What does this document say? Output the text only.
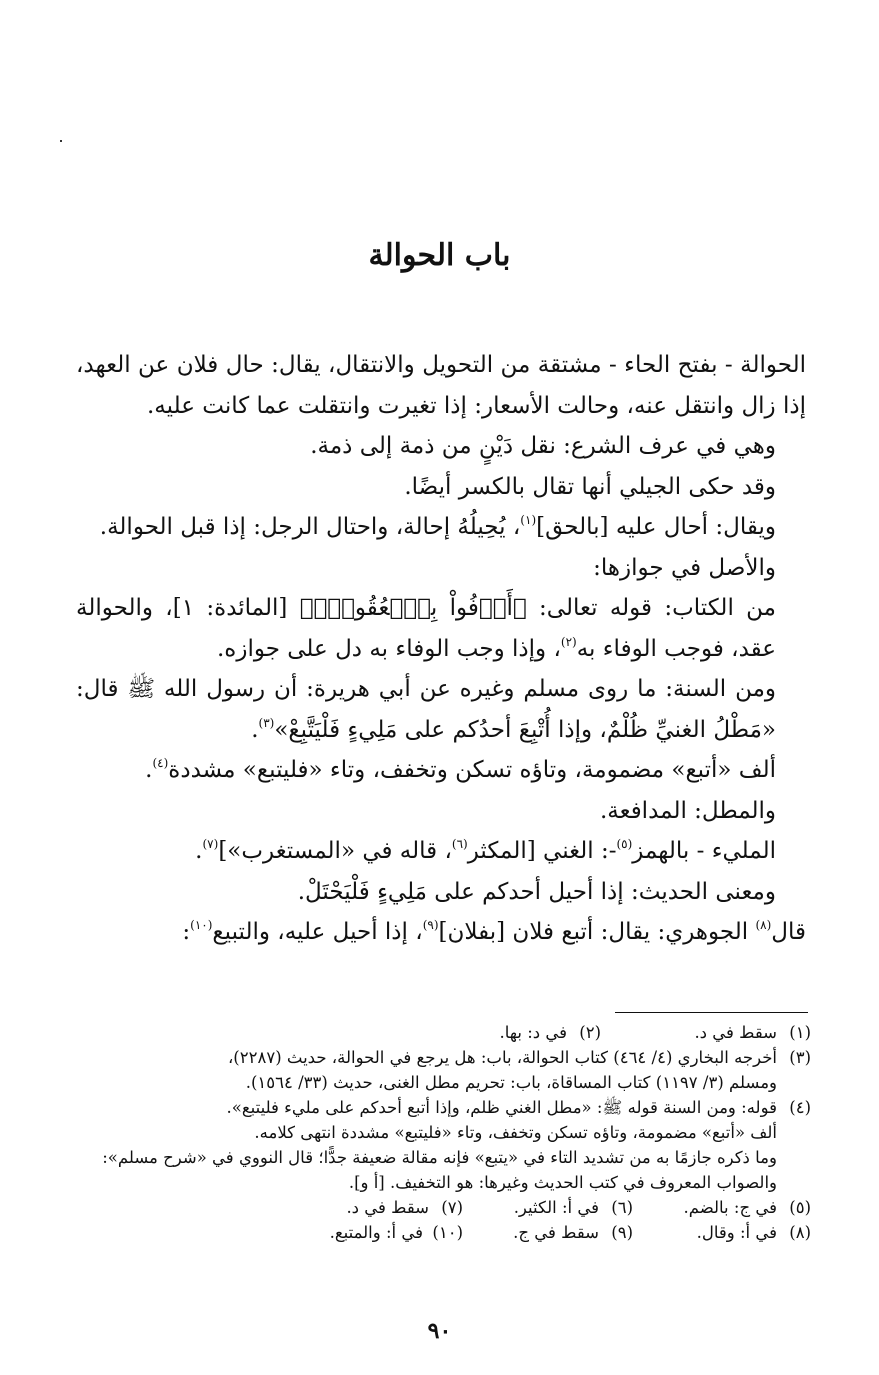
باب الحوالة

الحوالة - بفتح الحاء - مشتقة من التحويل والانتقال، يقال: حال فلان عن العهد، إذا زال وانتقل عنه، وحالت الأسعار: إذا تغيرت وانتقلت عما كانت عليه.

وهي في عرف الشرع: نقل دَيْنٍ من ذمة إلى ذمة.

وقد حكى الجيلي أنها تقال بالكسر أيضًا.

ويقال: أحال عليه [بالحق]$^{(١)}$، يُحِيلُهُ إحالة، واحتال الرجل: إذا قبل الحوالة.

والأصل في جوازها:

من الكتاب: قوله تعالى: ﴿أَوۡفُواْ بِٱلۡعُقُودِۚ﴾ [المائدة: ١]، والحوالة عقد، فوجب الوفاء به$^{(٢)}$، وإذا وجب الوفاء به دل على جوازه.

ومن السنة: ما روى مسلم وغيره عن أبي هريرة: أن رسول الله ﷺ قال: «مَطْلُ الغنيِّ ظُلْمٌ، وإذا أُتْبِعَ أحدُكم على مَلِيءٍ فَلْيَتَّبِعْ»$^{(٣)}$.

ألف «أتبع» مضمومة، وتاؤه تسكن وتخفف، وتاء «فليتبع» مشددة$^{(٤)}$.

والمطل: المدافعة.

المليء - بالهمز$^{(٥)}$-: الغني [المكثر$^{(٦)}$، قاله في «المستغرب»]$^{(٧)}$.

ومعنى الحديث: إذا أحيل أحدكم على مَلِيءٍ فَلْيَحْتَلْ.

قال$^{(٨)}$ الجوهري: يقال: أتبع فلان [بفلان]$^{(٩)}$، إذا أحيل عليه، والتبيع$^{(١٠)}$:

(١)سقط في د.
(٢)في د: بها.
(٣)أخرجه البخاري (٤/ ٤٦٤) كتاب الحوالة، باب: هل يرجع في الحوالة، حديث (٢٢٨٧)،
ومسلم (٣/ ١١٩٧) كتاب المساقاة، باب: تحريم مطل الغنى، حديث (٣٣/ ١٥٦٤).
(٤)قوله: ومن السنة قوله ﷺ: «مطل الغني ظلم، وإذا أتبع أحدكم على مليء فليتبع».
ألف «أتبع» مضمومة، وتاؤه تسكن وتخفف، وتاء «فليتبع» مشددة انتهى كلامه.
وما ذكره جازمًا به من تشديد التاء في «يتبع» فإنه مقالة ضعيفة جدًّا؛ قال النووي في «شرح مسلم»:
والصواب المعروف في كتب الحديث وغيرها: هو التخفيف. [أ و].
(٥)في ج: بالضم.
(٦)في أ: الكثير.
(٧)سقط في د.
(٨)في أ: وقال.
(٩)سقط في ج.
(١٠)في أ: والمتبع.
٩٠
